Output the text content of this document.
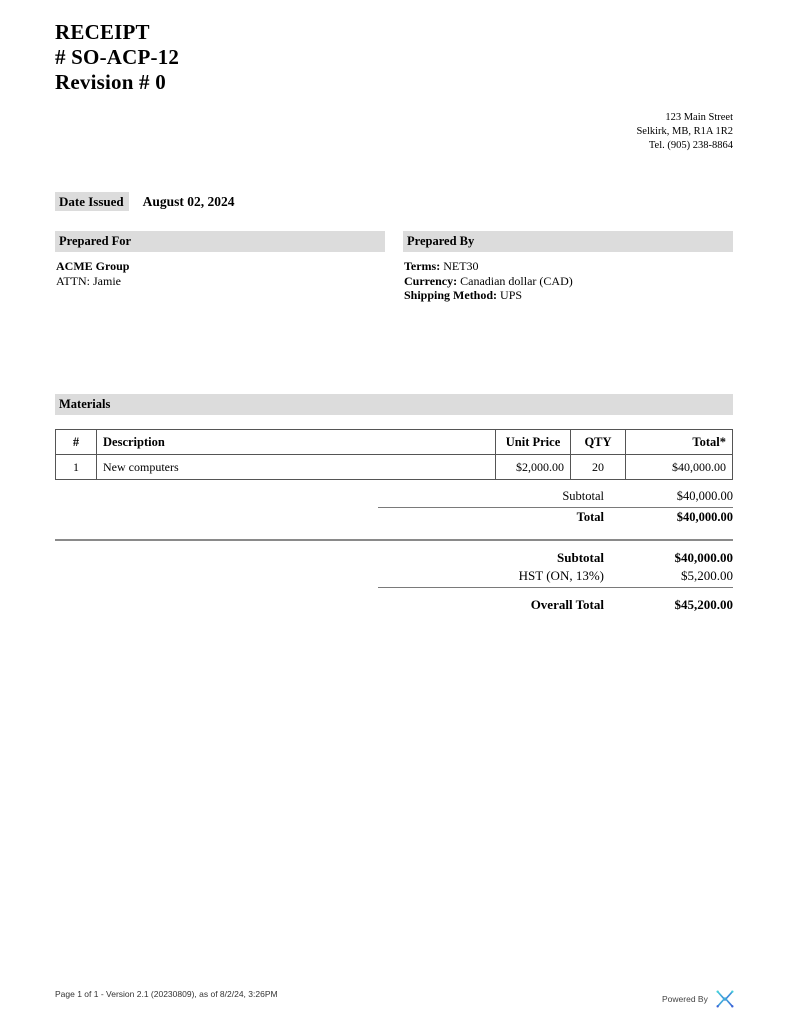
RECEIPT
# SO-ACP-12
Revision # 0
123 Main Street
Selkirk, MB, R1A 1R2
Tel. (905) 238-8864
Date Issued	August 02, 2024
Prepared For
ACME Group
ATTN: Jamie
Prepared By
Terms: NET30
Currency: Canadian dollar (CAD)
Shipping Method: UPS
Materials
#	Description	Unit Price	QTY	Total*
1	New computers	$2,000.00	20	$40,000.00
Subtotal	$40,000.00
Total	$40,000.00
Subtotal	$40,000.00
HST (ON, 13%)	$5,200.00
Overall Total	$45,200.00
Page 1 of 1 - Version 2.1 (20230809), as of 8/2/24, 3:26PM	Powered By
